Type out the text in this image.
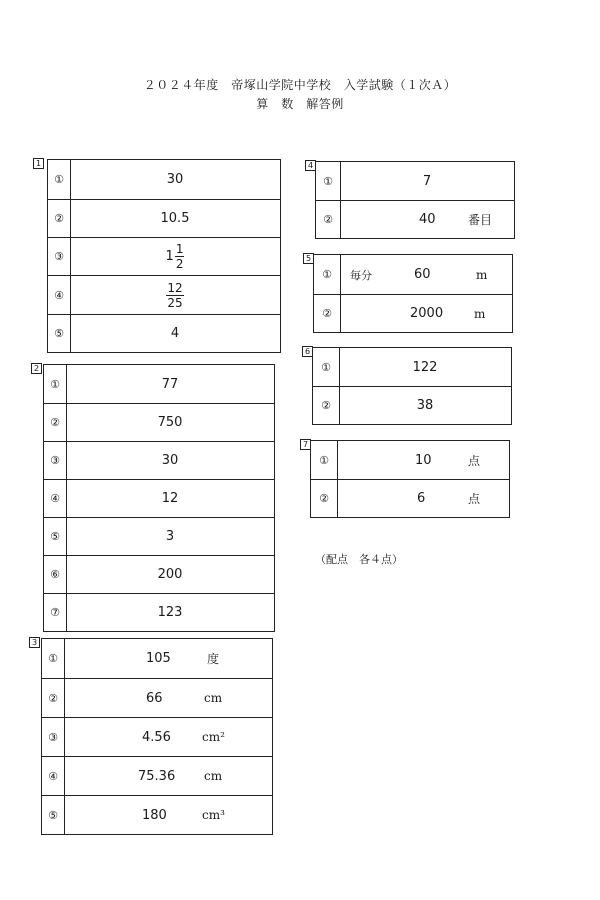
２０２４年度　帝塚山学院中学校　入学試験（１次Ａ）
算　数　解答例
1
①	30
②	10.5
③	$1 \frac{1}{2}$
④	$\frac{12}{25}$
⑤	4
2
①	77
②	750
③	30
④	12
⑤	3
⑥	200
⑦	123
3
①	105	度
②	66	cm
③	4.56	cm²
④	75.36 cm
⑤	180	cm³
4
①	7
②	40	番目
5
①	毎分	60	m
②	2000	m
6
①	122
②	38
7
①	10	点
②	6	点
（配点　各４点）
